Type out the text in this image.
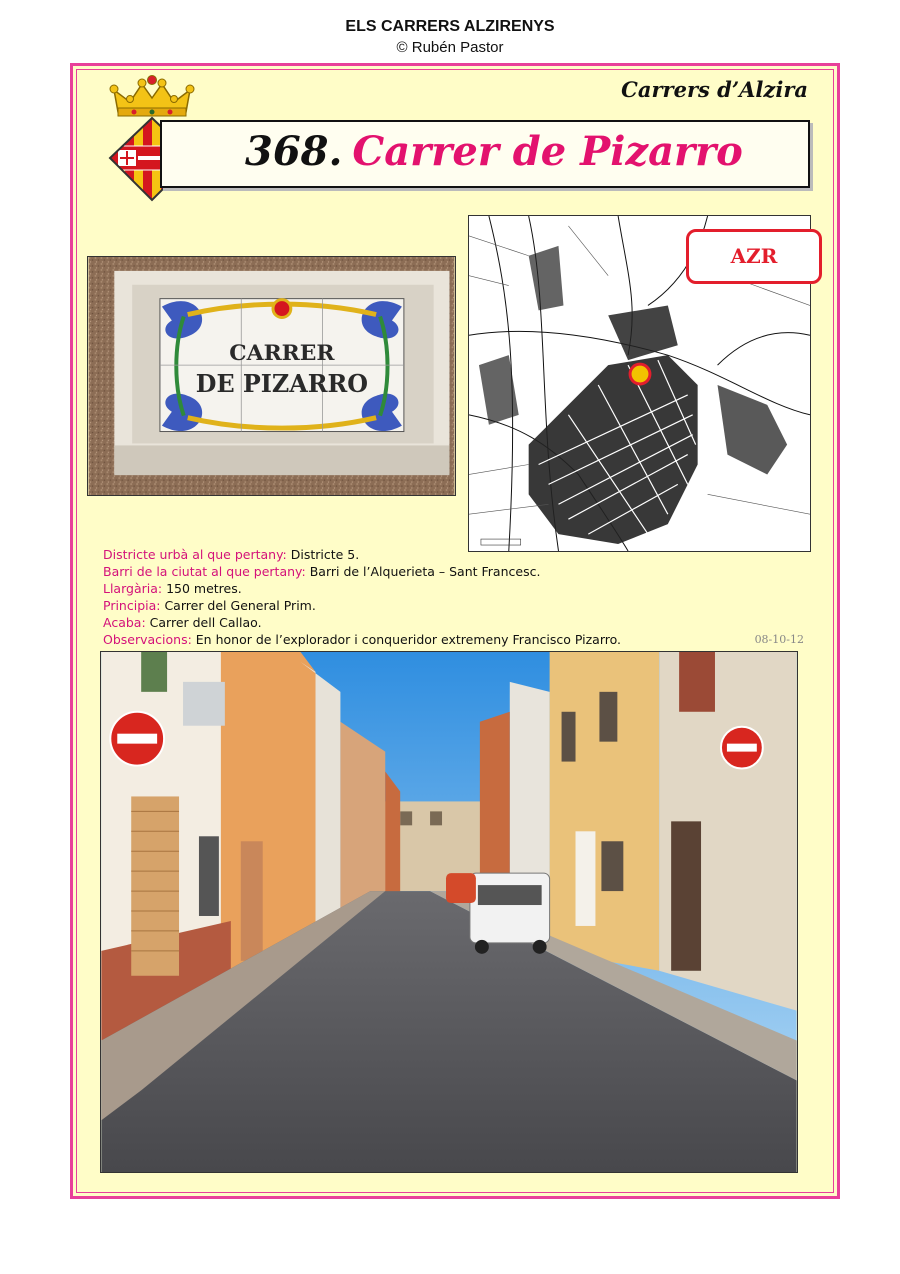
ELS CARRERS ALZIRENYS
© Rubén Pastor
Carrers d’Alzira
368. Carrer de Pizarro
CARRER
DE PIZARRO
AZR
Districte urbà al que pertany: Districte 5.
Barri de la ciutat al que pertany: Barri de l’Alquerieta – Sant Francesc.
Llargària: 150 metres.
Principia: Carrer del General Prim.
Acaba: Carrer dell Callao.
Observacions: En honor de l’explorador i conqueridor extremeny Francisco Pizarro.	08-10-12
